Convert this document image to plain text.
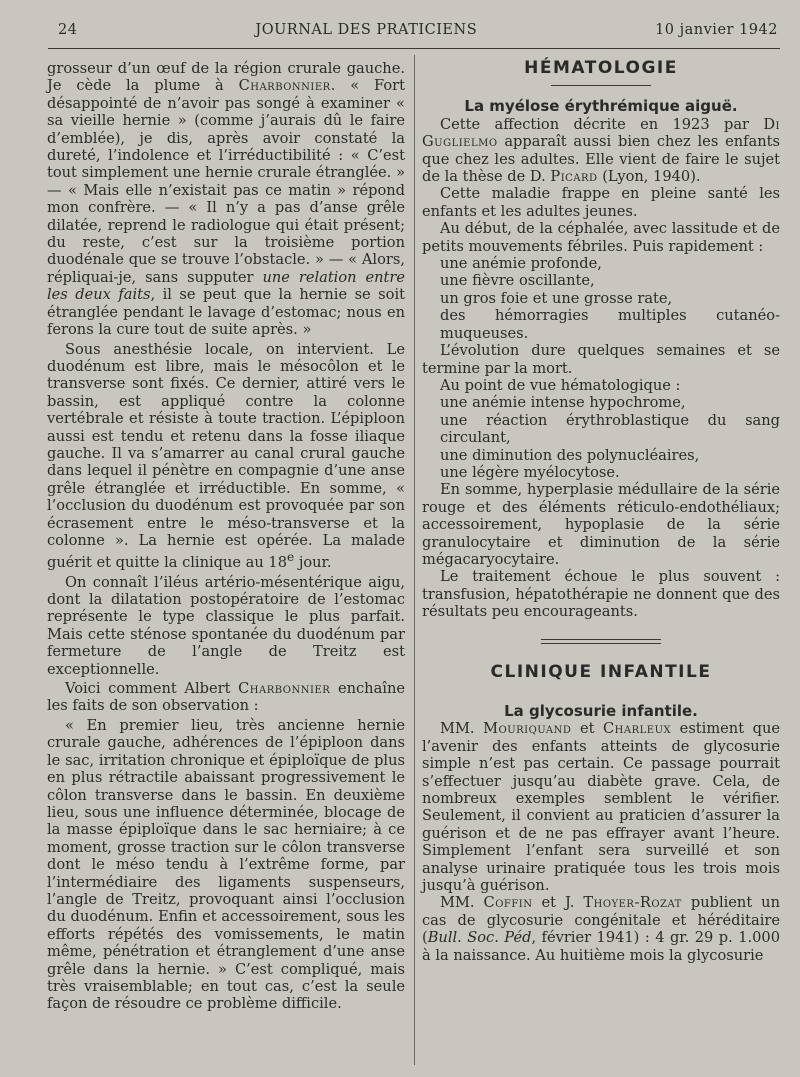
24	JOURNAL DES PRATICIENS	10 janvier 1942

grosseur d’un œuf de la région crurale gauche. Je cède la plume à Charbonnier. « Fort désappointé de n’avoir pas songé à examiner « sa vieille hernie » (comme j’aurais dû le faire d’emblée), je dis, après avoir constaté la dureté, l’indolence et l’irréductibilité : « C’est tout simplement une hernie crurale étranglée. » — « Mais elle n’existait pas ce matin » répond mon confrère. — « Il n’y a pas d’anse grêle dilatée, reprend le radiologue qui était présent; du reste, c’est sur la troisième portion duodénale que se trouve l’obstacle. » — « Alors, répliquai-je, sans supputer une relation entre les deux faits, il se peut que la hernie se soit étranglée pendant le lavage d’estomac; nous en ferons la cure tout de suite après. »

Sous anesthésie locale, on intervient. Le duodénum est libre, mais le mésocôlon et le transverse sont fixés. Ce dernier, attiré vers le bassin, est appliqué contre la colonne vertébrale et résiste à toute traction. L’épiploon aussi est tendu et retenu dans la fosse iliaque gauche. Il va s’amarrer au canal crural gauche dans lequel il pénètre en compagnie d’une anse grêle étranglée et irréductible. En somme, « l’occlusion du duodénum est provoquée par son écrasement entre le méso-transverse et la colonne ». La hernie est opérée. La malade guérit et quitte la clinique au 18e jour.

On connaît l’iléus artério-mésentérique aigu, dont la dilatation postopératoire de l’estomac représente le type classique le plus parfait. Mais cette sténose spontanée du duodénum par fermeture de l’angle de Treitz est exceptionnelle.

Voici comment Albert Charbonnier enchaîne les faits de son observation :

« En premier lieu, très ancienne hernie crurale gauche, adhérences de l’épiploon dans le sac, irritation chronique et épiploïque de plus en plus rétractile abaissant progressivement le côlon transverse dans le bassin. En deuxième lieu, sous une influence déterminée, blocage de la masse épiploïque dans le sac herniaire; à ce moment, grosse traction sur le côlon transverse dont le méso tendu à l’extrême forme, par l’intermédiaire des ligaments suspenseurs, l’angle de Treitz, provoquant ainsi l’occlusion du duodénum. Enfin et accessoirement, sous les efforts répétés des vomissements, le matin même, pénétration et étranglement d’une anse grêle dans la hernie. » C’est compliqué, mais très vraisemblable; en tout cas, c’est la seule façon de résoudre ce problème difficile.

HÉMATOLOGIE

La myélose érythrémique aiguë.

Cette affection décrite en 1923 par Di Guglielmo apparaît aussi bien chez les enfants que chez les adultes. Elle vient de faire le sujet de la thèse de D. Picard (Lyon, 1940).

Cette maladie frappe en pleine santé les enfants et les adultes jeunes.

Au début, de la céphalée, avec lassitude et de petits mouvements fébriles. Puis rapidement :

une anémie profonde,

une fièvre oscillante,

un gros foie et une grosse rate,

des hémorragies multiples cutanéo-muqueuses.

L’évolution dure quelques semaines et se termine par la mort.

Au point de vue hématologique :

une anémie intense hypochrome,

une réaction érythroblastique du sang circulant,

une diminution des polynucléaires,

une légère myélocytose.

En somme, hyperplasie médullaire de la série rouge et des éléments réticulo-endothéliaux; accessoirement, hypoplasie de la série granulocytaire et diminution de la série mégacaryocytaire.

Le traitement échoue le plus souvent : transfusion, hépatothérapie ne donnent que des résultats peu encourageants.

CLINIQUE INFANTILE

La glycosurie infantile.

MM. Mouriquand et Charleux estiment que l’avenir des enfants atteints de glycosurie simple n’est pas certain. Ce passage pourrait s’effectuer jusqu’au diabète grave. Cela, de nombreux exemples semblent le vérifier. Seulement, il convient au praticien d’assurer la guérison et de ne pas effrayer avant l’heure. Simplement l’enfant sera surveillé et son analyse urinaire pratiquée tous les trois mois jusqu’à guérison.

MM. Coffin et J. Thoyer-Rozat publient un cas de glycosurie congénitale et héréditaire (Bull. Soc. Péd, février 1941) : 4 gr. 29 p. 1.000 à la naissance. Au huitième mois la glycosurie
